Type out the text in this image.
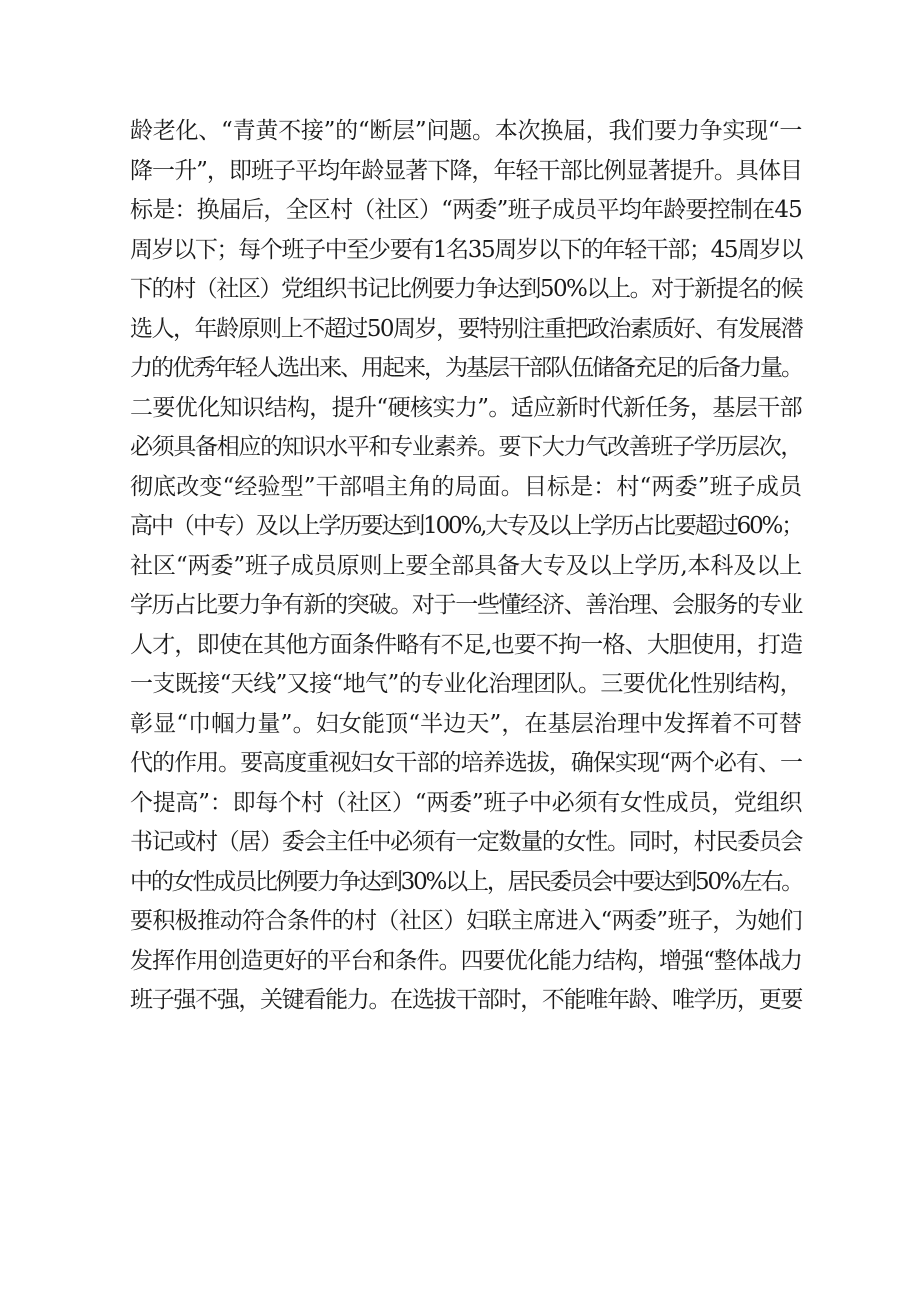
龄老化、“青黄不接”的“断层”问题。本次换届，我们要力争实现“一
降一升”，即班子平均年龄显著下降，年轻干部比例显著提升。具体目
标是：换届后，全区村（社区）“两委”班子成员平均年龄要控制在45
周岁以下；每个班子中至少要有1名35周岁以下的年轻干部；45周岁以
下的村（社区）党组织书记比例要力争达到50%以上。对于新提名的候
选人，年龄原则上不超过50周岁，要特别注重把政治素质好、有发展潜
力的优秀年轻人选出来、用起来，为基层干部队伍储备充足的后备力量。
二要优化知识结构，提升“硬核实力”。适应新时代新任务，基层干部
必须具备相应的知识水平和专业素养。要下大力气改善班子学历层次，
彻底改变“经验型”干部唱主角的局面。目标是：村“两委”班子成员
高中（中专）及以上学历要达到100%,大专及以上学历占比要超过60%；
社区“两委”班子成员原则上要全部具备大专及以上学历,本科及以上
学历占比要力争有新的突破。对于一些懂经济、善治理、会服务的专业
人才，即使在其他方面条件略有不足,也要不拘一格、大胆使用，打造
一支既接“天线”又接“地气”的专业化治理团队。三要优化性别结构，
彰显“巾帼力量”。妇女能顶“半边天”，在基层治理中发挥着不可替
代的作用。要高度重视妇女干部的培养选拔，确保实现“两个必有、一
个提高”：即每个村（社区）“两委”班子中必须有女性成员，党组织
书记或村（居）委会主任中必须有一定数量的女性。同时，村民委员会
中的女性成员比例要力争达到30%以上，居民委员会中要达到50%左右。
要积极推动符合条件的村（社区）妇联主席进入“两委”班子，为她们
发挥作用创造更好的平台和条件。四要优化能力结构，增强“整体战力
班子强不强，关键看能力。在选拔干部时，不能唯年龄、唯学历，更要
